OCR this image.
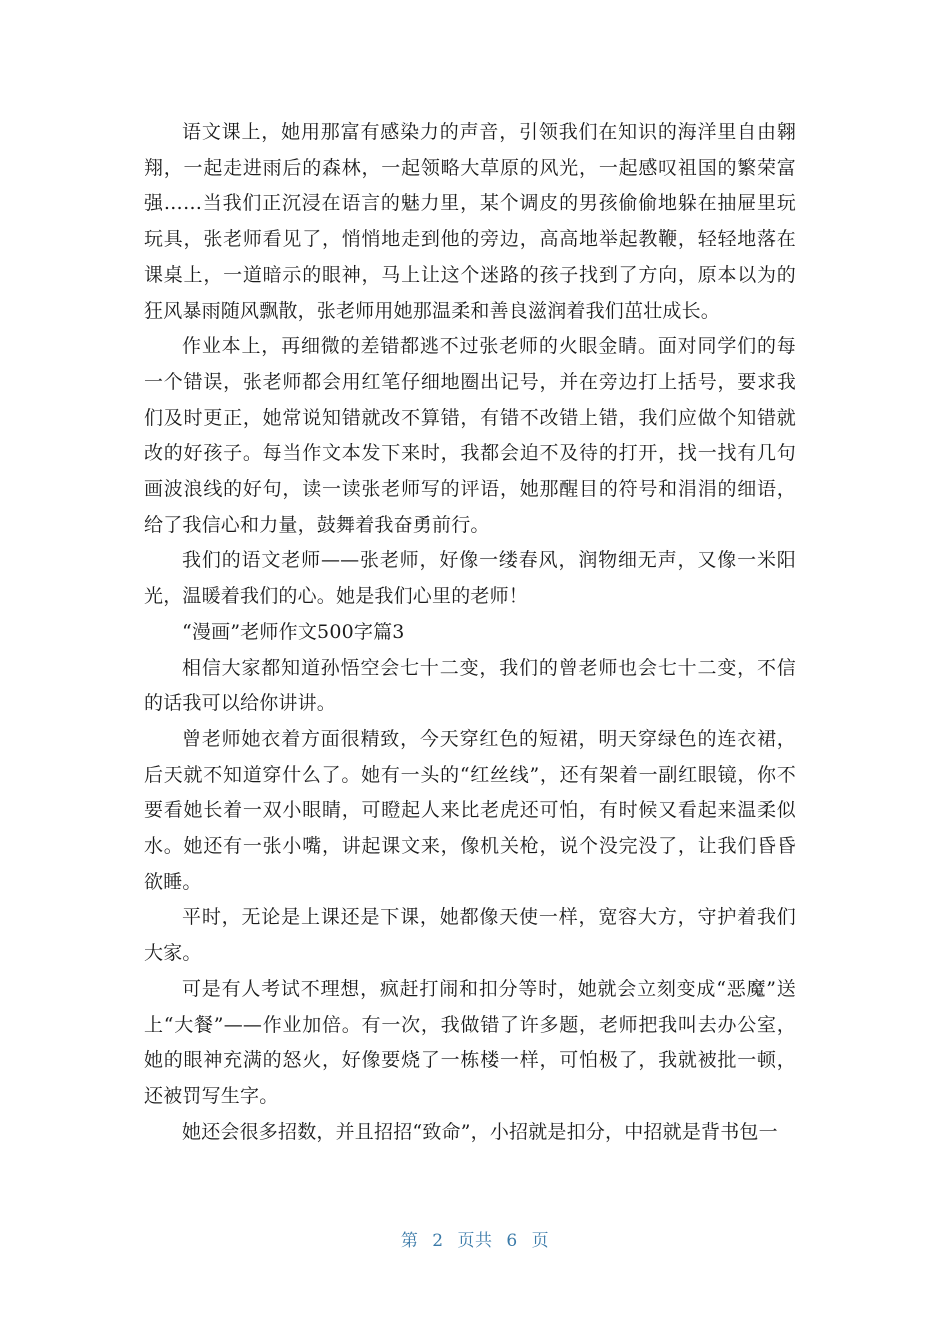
语文课上，她用那富有感染力的声音，引领我们在知识的海洋里自由翱翔，一起走进雨后的森林，一起领略大草原的风光，一起感叹祖国的繁荣富强……当我们正沉浸在语言的魅力里，某个调皮的男孩偷偷地躲在抽屉里玩玩具，张老师看见了，悄悄地走到他的旁边，高高地举起教鞭，轻轻地落在课桌上，一道暗示的眼神，马上让这个迷路的孩子找到了方向，原本以为的狂风暴雨随风飘散，张老师用她那温柔和善良滋润着我们茁壮成长。

作业本上，再细微的差错都逃不过张老师的火眼金睛。面对同学们的每一个错误，张老师都会用红笔仔细地圈出记号，并在旁边打上括号，要求我们及时更正，她常说知错就改不算错，有错不改错上错，我们应做个知错就改的好孩子。每当作文本发下来时，我都会迫不及待的打开，找一找有几句画波浪线的好句，读一读张老师写的评语，她那醒目的符号和涓涓的细语，给了我信心和力量，鼓舞着我奋勇前行。

我们的语文老师——张老师，好像一缕春风，润物细无声，又像一米阳光，温暖着我们的心。她是我们心里的老师！

“漫画”老师作文500字篇3

相信大家都知道孙悟空会七十二变，我们的曾老师也会七十二变，不信的话我可以给你讲讲。

曾老师她衣着方面很精致，今天穿红色的短裙，明天穿绿色的连衣裙，后天就不知道穿什么了。她有一头的“红丝线”，还有架着一副红眼镜，你不要看她长着一双小眼睛，可瞪起人来比老虎还可怕，有时候又看起来温柔似水。她还有一张小嘴，讲起课文来，像机关枪，说个没完没了，让我们昏昏欲睡。

平时，无论是上课还是下课，她都像天使一样，宽容大方，守护着我们大家。

可是有人考试不理想，疯赶打闹和扣分等时，她就会立刻变成“恶魔”送上“大餐”——作业加倍。有一次，我做错了许多题，老师把我叫去办公室，她的眼神充满的怒火，好像要烧了一栋楼一样，可怕极了，我就被批一顿，还被罚写生字。

她还会很多招数，并且招招“致命”，小招就是扣分，中招就是背书包一

第 2 页共 6 页
